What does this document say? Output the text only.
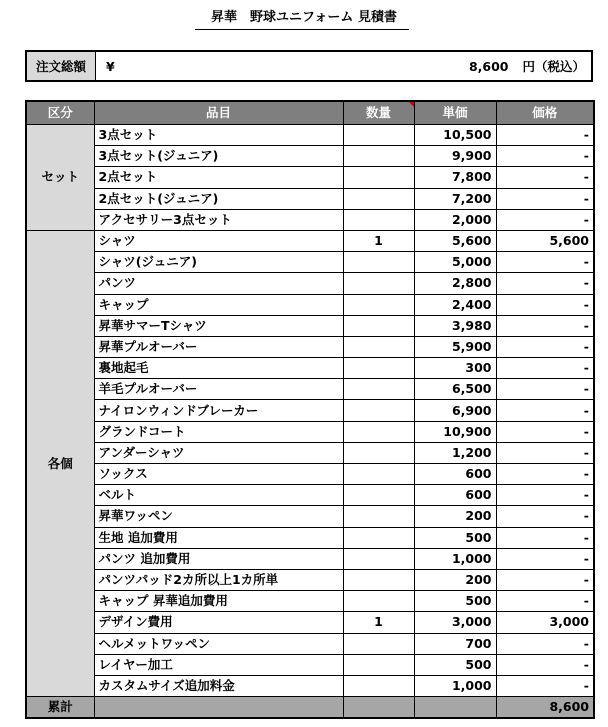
昇華　野球ユニフォーム 見積書
注文総額	¥	8,600 円（税込）
区分	品目	数量	単価	価格
セット	3点セット		10,500	-
	3点セット(ジュニア)		9,900	-
	2点セット		7,800	-
	2点セット(ジュニア)		7,200	-
	アクセサリー3点セット		2,000	-
各個	シャツ	1	5,600	5,600
	シャツ(ジュニア)		5,000	-
	パンツ		2,800	-
	キャップ		2,400	-
	昇華サマーTシャツ		3,980	-
	昇華プルオーバー		5,900	-
	裏地起毛		300	-
	羊毛プルオーバー		6,500	-
	ナイロンウィンドブレーカー		6,900	-
	グランドコート		10,900	-
	アンダーシャツ		1,200	-
	ソックス		600	-
	ベルト		600	-
	昇華ワッペン		200	-
	生地 追加費用		500	-
	パンツ 追加費用		1,000	-
	パンツパッド2カ所以上1カ所単		200	-
	キャップ 昇華追加費用		500	-
	デザイン費用	1	3,000	3,000
	ヘルメットワッペン		700	-
	レイヤー加工		500	-
	カスタムサイズ追加料金		1,000	-
累計				8,600
